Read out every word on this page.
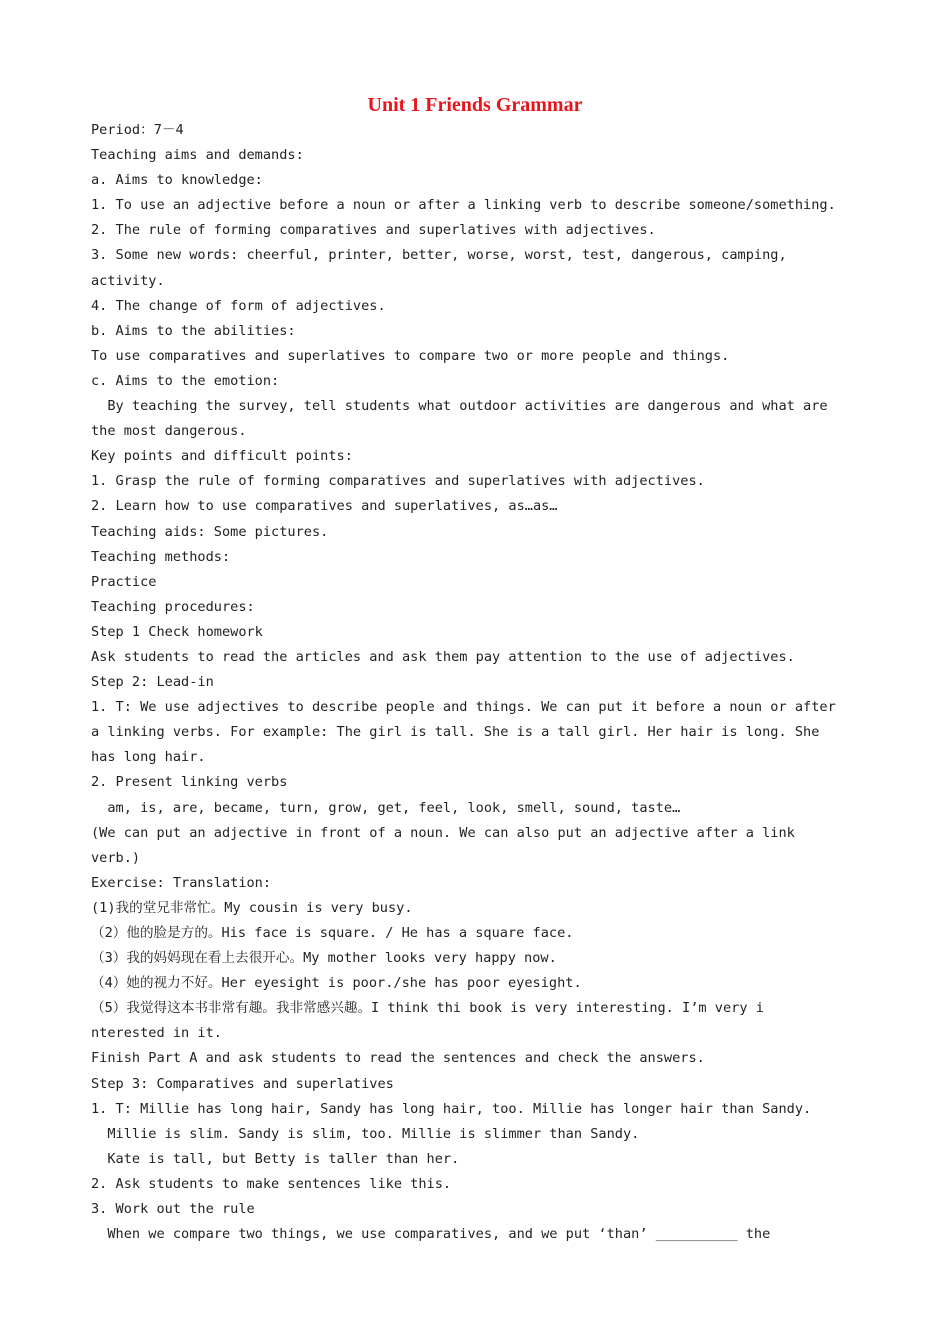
Unit 1 Friends Grammar
Period：7－4
Teaching aims and demands:
a. Aims to knowledge:
1. To use an adjective before a noun or after a linking verb to describe someone/something.
2. The rule of forming comparatives and superlatives with adjectives.
3. Some new words: cheerful, printer, better, worse, worst, test, dangerous, camping,
activity.
4. The change of form of adjectives.
b. Aims to the abilities:
To use comparatives and superlatives to compare two or more people and things.
c. Aims to the emotion:
By teaching the survey, tell students what outdoor activities are dangerous and what are
the most dangerous.
Key points and difficult points:
1. Grasp the rule of forming comparatives and superlatives with adjectives.
2. Learn how to use comparatives and superlatives, as…as…
Teaching aids: Some pictures.
Teaching methods:
Practice
Teaching procedures:
Step 1 Check homework
Ask students to read the articles and ask them pay attention to the use of adjectives.
Step 2: Lead-in
1. T: We use adjectives to describe people and things. We can put it before a noun or after
a linking verbs. For example: The girl is tall. She is a tall girl. Her hair is long. She
has long hair.
2. Present linking verbs
am, is, are, became, turn, grow, get, feel, look, smell, sound, taste…
(We can put an adjective in front of a noun. We can also put an adjective after a link
verb.)
Exercise: Translation:
(1)我的堂兄非常忙。My cousin is very busy.
（2）他的脸是方的。His face is square. / He has a square face.
（3）我的妈妈现在看上去很开心。My mother looks very happy now.
（4）她的视力不好。Her eyesight is poor./she has poor eyesight.
（5）我觉得这本书非常有趣。我非常感兴趣。I think thi book is very interesting. I’m very i
nterested in it.
Finish Part A and ask students to read the sentences and check the answers.
Step 3: Comparatives and superlatives
1. T: Millie has long hair, Sandy has long hair, too. Millie has longer hair than Sandy.
Millie is slim. Sandy is slim, too. Millie is slimmer than Sandy.
Kate is tall, but Betty is taller than her.
2. Ask students to make sentences like this.
3. Work out the rule
When we compare two things, we use comparatives, and we put ‘than’ __________ the
